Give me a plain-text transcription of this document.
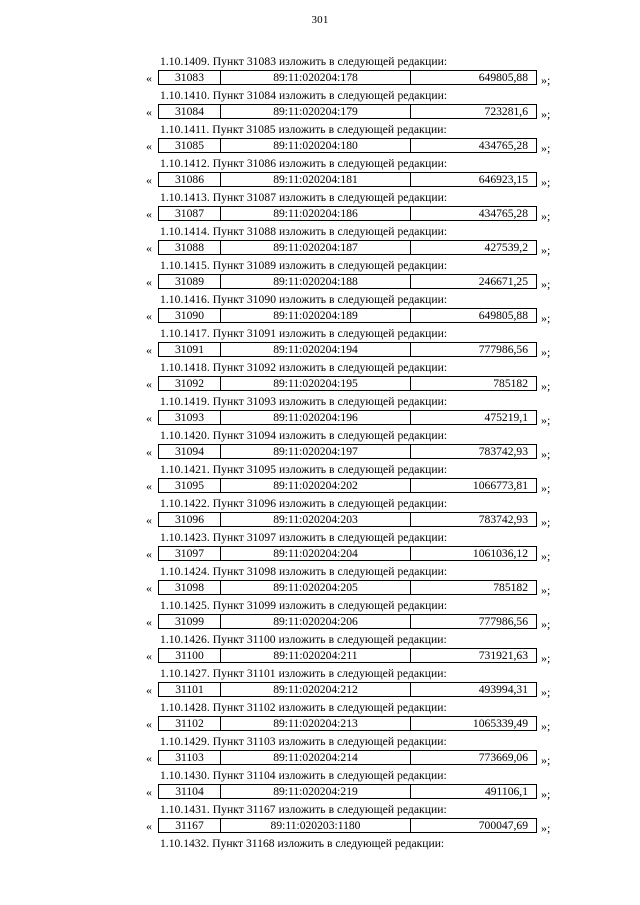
301
1.10.1409. Пункт 31083 изложить в следующей редакции:
«	31083	89:11:020204:178	649805,88	»;
1.10.1410. Пункт 31084 изложить в следующей редакции:
«	31084	89:11:020204:179	723281,6	»;
1.10.1411. Пункт 31085 изложить в следующей редакции:
«	31085	89:11:020204:180	434765,28	»;
1.10.1412. Пункт 31086 изложить в следующей редакции:
«	31086	89:11:020204:181	646923,15	»;
1.10.1413. Пункт 31087 изложить в следующей редакции:
«	31087	89:11:020204:186	434765,28	»;
1.10.1414. Пункт 31088 изложить в следующей редакции:
«	31088	89:11:020204:187	427539,2	»;
1.10.1415. Пункт 31089 изложить в следующей редакции:
«	31089	89:11:020204:188	246671,25	»;
1.10.1416. Пункт 31090 изложить в следующей редакции:
«	31090	89:11:020204:189	649805,88	»;
1.10.1417. Пункт 31091 изложить в следующей редакции:
«	31091	89:11:020204:194	777986,56	»;
1.10.1418. Пункт 31092 изложить в следующей редакции:
«	31092	89:11:020204:195	785182	»;
1.10.1419. Пункт 31093 изложить в следующей редакции:
«	31093	89:11:020204:196	475219,1	»;
1.10.1420. Пункт 31094 изложить в следующей редакции:
«	31094	89:11:020204:197	783742,93	»;
1.10.1421. Пункт 31095 изложить в следующей редакции:
«	31095	89:11:020204:202	1066773,81	»;
1.10.1422. Пункт 31096 изложить в следующей редакции:
«	31096	89:11:020204:203	783742,93	»;
1.10.1423. Пункт 31097 изложить в следующей редакции:
«	31097	89:11:020204:204	1061036,12	»;
1.10.1424. Пункт 31098 изложить в следующей редакции:
«	31098	89:11:020204:205	785182	»;
1.10.1425. Пункт 31099 изложить в следующей редакции:
«	31099	89:11:020204:206	777986,56	»;
1.10.1426. Пункт 31100 изложить в следующей редакции:
«	31100	89:11:020204:211	731921,63	»;
1.10.1427. Пункт 31101 изложить в следующей редакции:
«	31101	89:11:020204:212	493994,31	»;
1.10.1428. Пункт 31102 изложить в следующей редакции:
«	31102	89:11:020204:213	1065339,49	»;
1.10.1429. Пункт 31103 изложить в следующей редакции:
«	31103	89:11:020204:214	773669,06	»;
1.10.1430. Пункт 31104 изложить в следующей редакции:
«	31104	89:11:020204:219	491106,1	»;
1.10.1431. Пункт 31167 изложить в следующей редакции:
«	31167	89:11:020203:1180	700047,69	»;
1.10.1432. Пункт 31168 изложить в следующей редакции:
